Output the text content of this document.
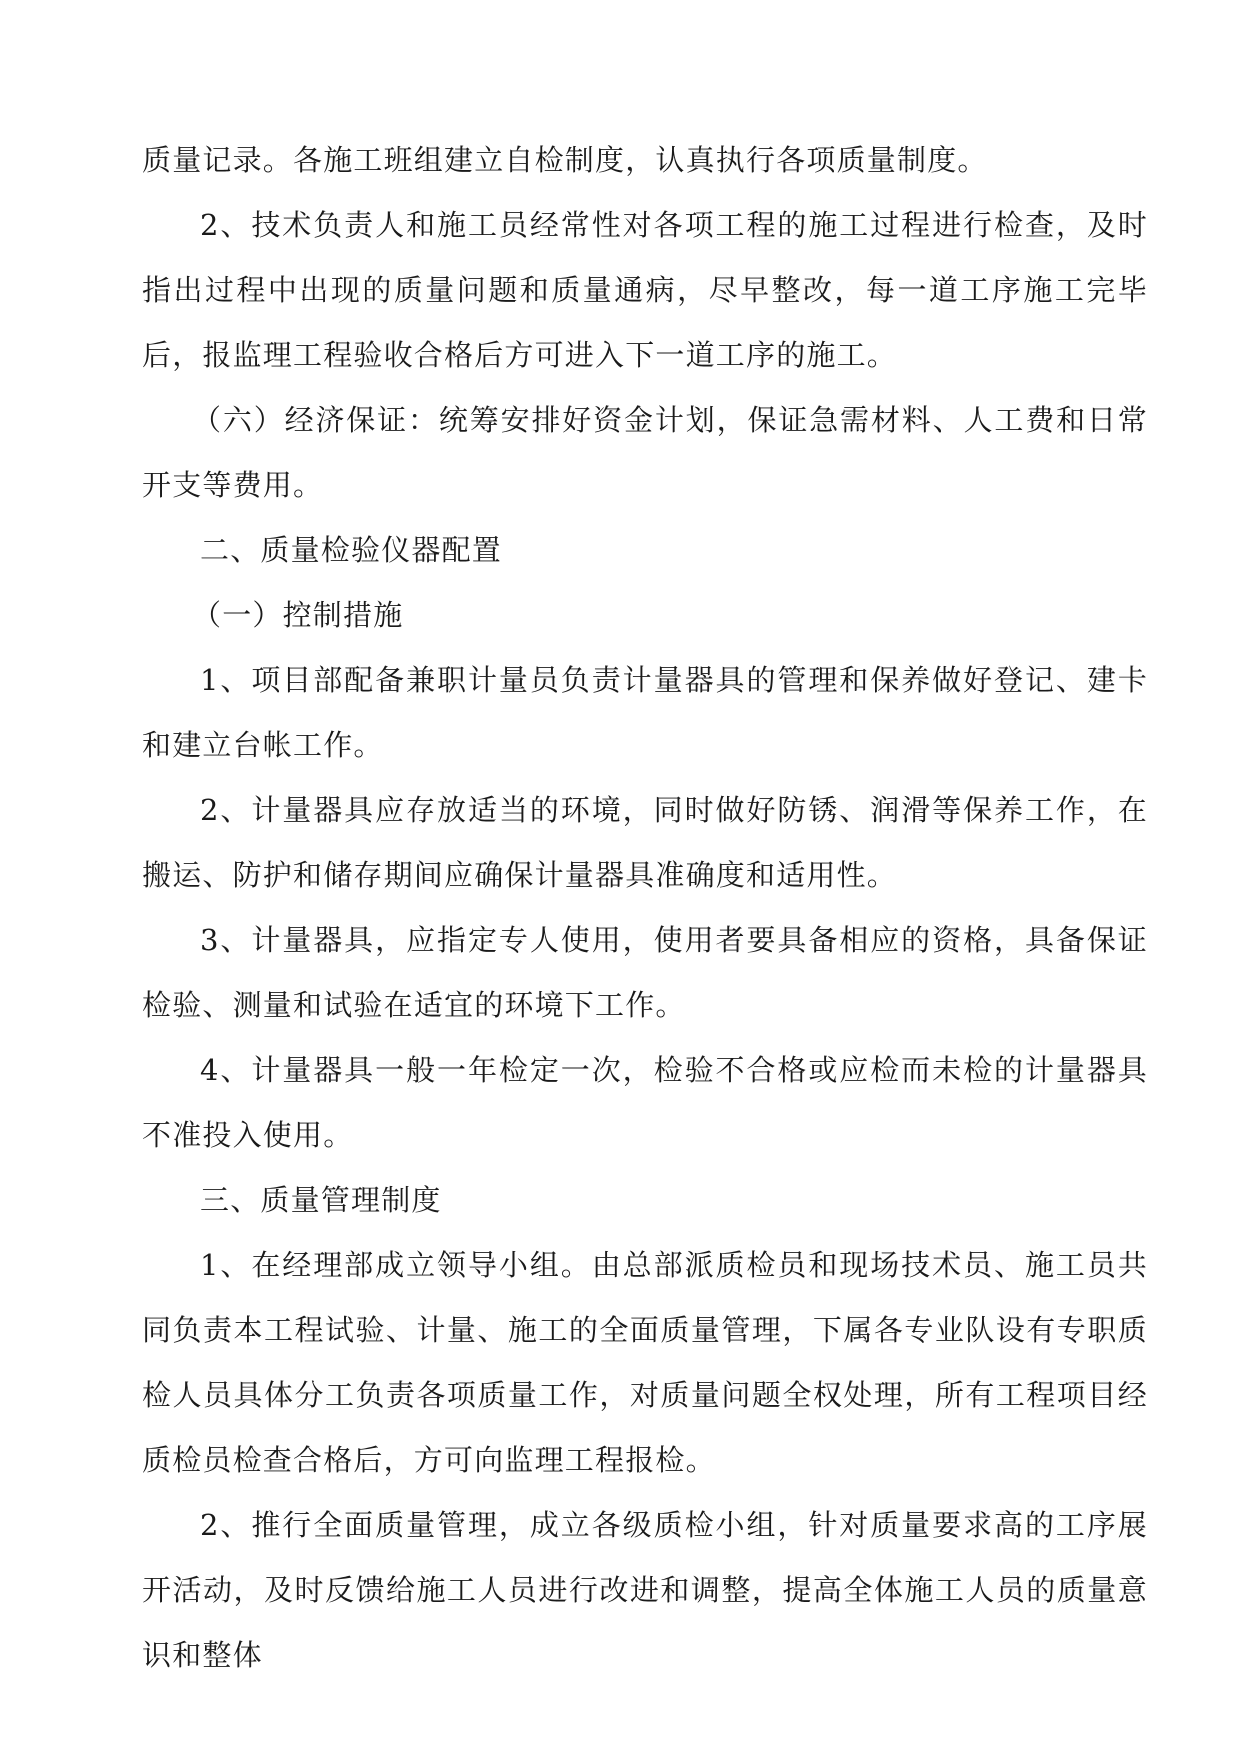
质量记录。各施工班组建立自检制度，认真执行各项质量制度。

2、技术负责人和施工员经常性对各项工程的施工过程进行检查，及时指出过程中出现的质量问题和质量通病，尽早整改，每一道工序施工完毕后，报监理工程验收合格后方可进入下一道工序的施工。

（六）经济保证：统筹安排好资金计划，保证急需材料、人工费和日常开支等费用。

二、质量检验仪器配置

（一）控制措施

1、项目部配备兼职计量员负责计量器具的管理和保养做好登记、建卡和建立台帐工作。

2、计量器具应存放适当的环境，同时做好防锈、润滑等保养工作，在搬运、防护和储存期间应确保计量器具准确度和适用性。

3、计量器具，应指定专人使用，使用者要具备相应的资格，具备保证检验、测量和试验在适宜的环境下工作。

4、计量器具一般一年检定一次，检验不合格或应检而未检的计量器具不准投入使用。

三、质量管理制度

1、在经理部成立领导小组。由总部派质检员和现场技术员、施工员共同负责本工程试验、计量、施工的全面质量管理，下属各专业队设有专职质检人员具体分工负责各项质量工作，对质量问题全权处理，所有工程项目经质检员检查合格后，方可向监理工程报检。

2、推行全面质量管理，成立各级质检小组，针对质量要求高的工序展开活动，及时反馈给施工人员进行改进和调整，提高全体施工人员的质量意识和整体
